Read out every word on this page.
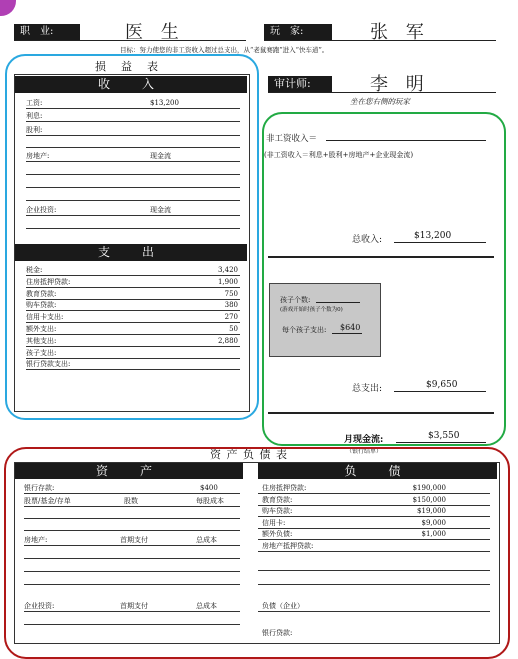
职　业:	医 生	玩　家:	张 军
目标：努力使您的非工资收入超过总支出，从“老鼠赛跑”进入“快车道”。
损　益　表
审计师:	李 明
坐在您右侧的玩家
收　入
工资:	$13,200
利息:
股利:
房地产:	现金流
企业投资:	现金流
支　出
税金:	3,420
住房抵押贷款:	1,900
教育贷款:	750
购车贷款:	380
信用卡支出:	270
额外支出:	50
其他支出:	2,880
孩子支出:
银行贷款支出:
非工资收入＝
(非工资收入＝利息+股利+房地产+企业现金流)
总收入:	$13,200
孩子个数:
(游戏开始时孩子个数为0)
每个孩子支出: $640
总支出:	$9,650
月现金流:	$3,550
（银行结单）
资 产 负 债 表
资　产	负　债
银行存款:	$400
股票/基金/存单	股数	每股成本
房地产:	首期支付	总成本
企业投资:	首期支付	总成本
住房抵押贷款:	$190,000
教育贷款:	$150,000
购车贷款:	$19,000
信用卡:	$9,000
额外负债:	$1,000
房地产抵押贷款:
负债（企业）
银行贷款:
